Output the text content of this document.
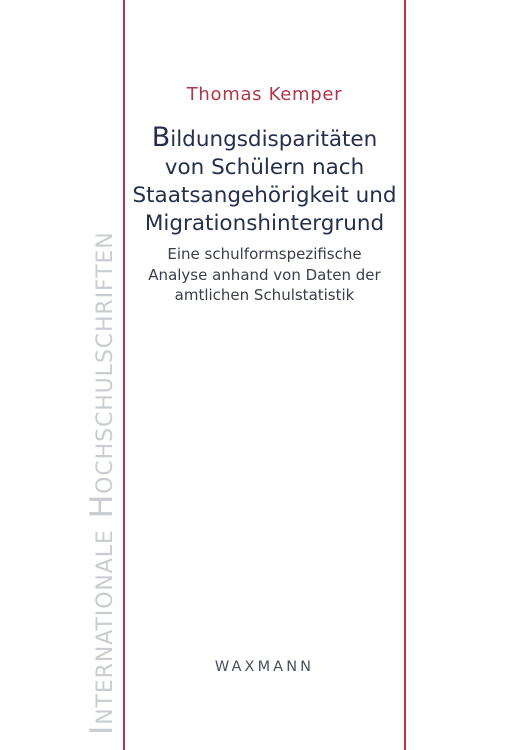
Internationale Hochschulschriften
Thomas Kemper
Bildungsdisparitäten
von Schülern nach
Staatsangehörigkeit und
Migrationshintergrund
Eine schulformspezifische
Analyse anhand von Daten der
amtlichen Schulstatistik
WAXMANN
